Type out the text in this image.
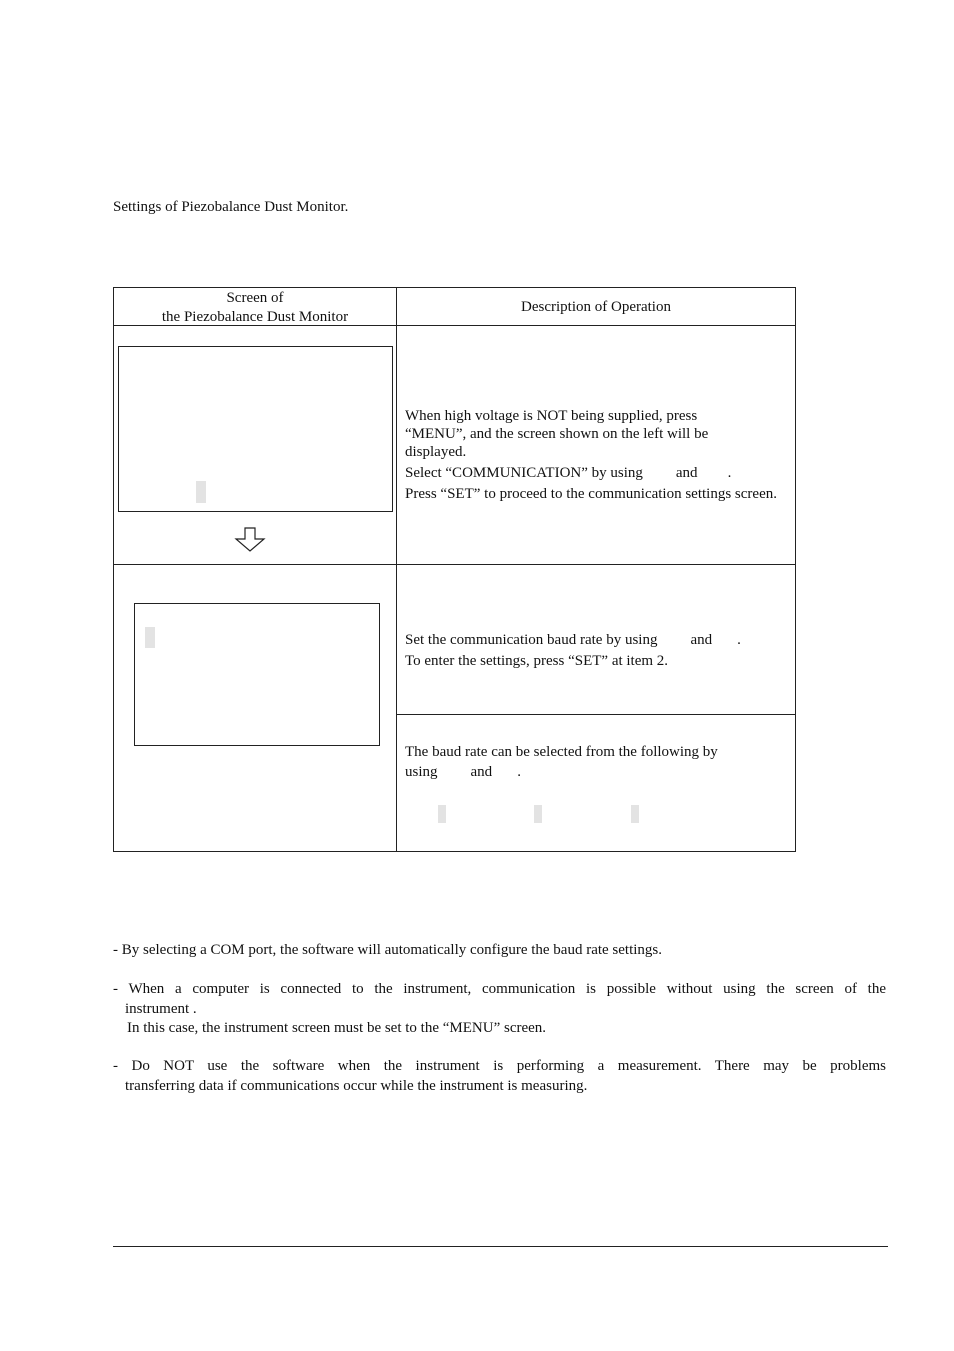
Settings of Piezobalance Dust Monitor.
Screen of
the Piezobalance Dust Monitor
Description of Operation
When high voltage is NOT being supplied, press
“MENU”, and the screen shown on the left will be
displayed.
Select “COMMUNICATION” by using and .
Press “SET” to proceed to the communication settings screen.
Set the communication baud rate by using and .
To enter the settings, press “SET” at item 2.
The baud rate can be selected from the following by
using and .
- By selecting a COM port, the software will automatically configure the baud rate settings.
- When a computer is connected to the instrument, communication is possible without using the screen of the
instrument .
In this case, the instrument screen must be set to the “MENU” screen.
- Do NOT use the software when the instrument is performing a measurement. There may be problems
transferring data if communications occur while the instrument is measuring.
